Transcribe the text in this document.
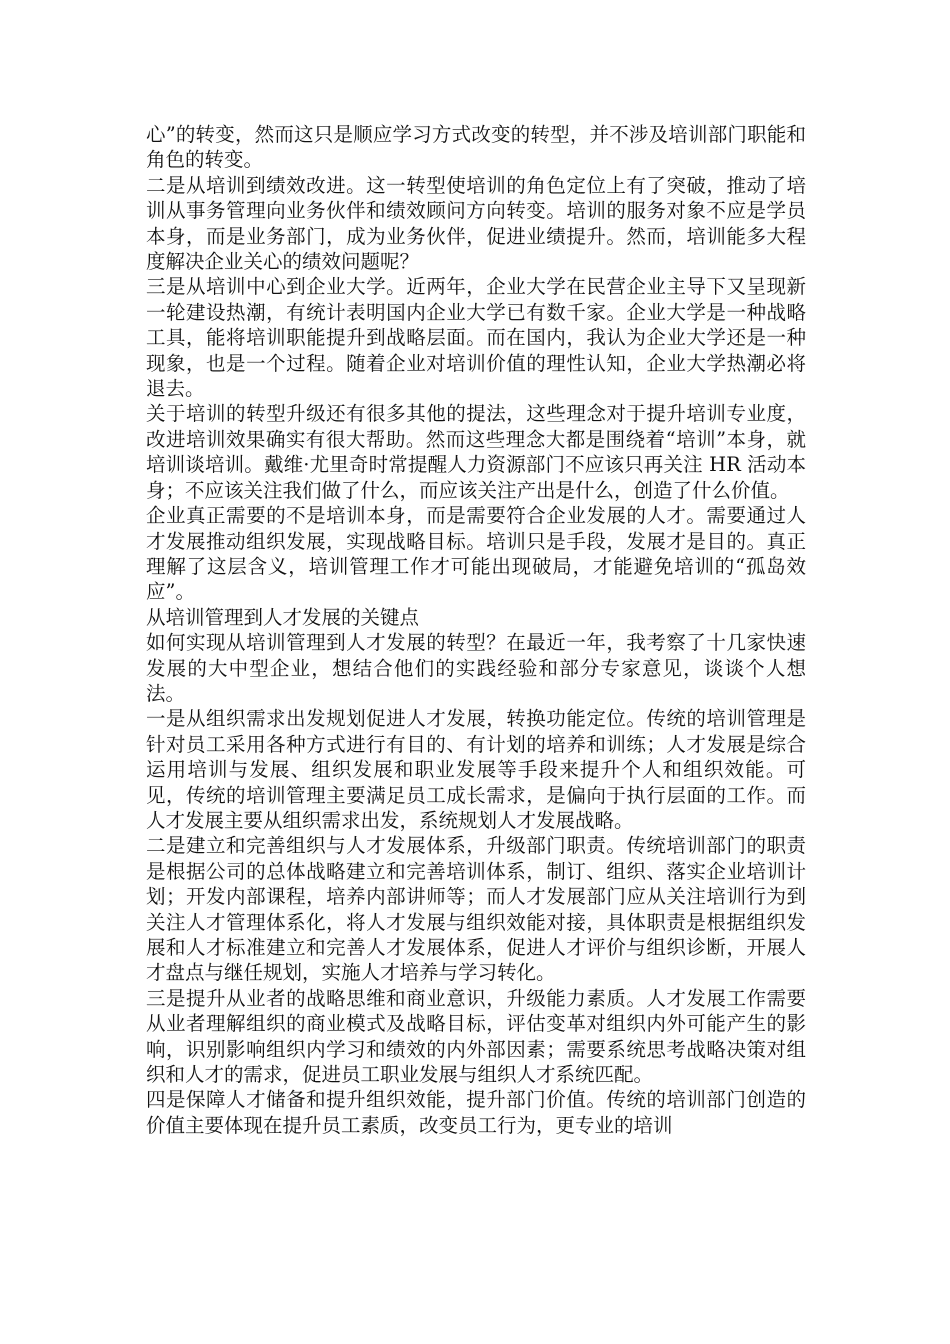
心”的转变，然而这只是顺应学习方式改变的转型，并不涉及培训部门职能和角色的转变。

二是从培训到绩效改进。这一转型使培训的角色定位上有了突破，推动了培训从事务管理向业务伙伴和绩效顾问方向转变。培训的服务对象不应是学员本身，而是业务部门，成为业务伙伴，促进业绩提升。然而，培训能多大程度解决企业关心的绩效问题呢？

三是从培训中心到企业大学。近两年，企业大学在民营企业主导下又呈现新一轮建设热潮，有统计表明国内企业大学已有数千家。企业大学是一种战略工具，能将培训职能提升到战略层面。而在国内，我认为企业大学还是一种现象，也是一个过程。随着企业对培训价值的理性认知，企业大学热潮必将退去。

关于培训的转型升级还有很多其他的提法，这些理念对于提升培训专业度，改进培训效果确实有很大帮助。然而这些理念大都是围绕着“培训”本身，就培训谈培训。戴维·尤里奇时常提醒人力资源部门不应该只再关注 HR 活动本身；不应该关注我们做了什么，而应该关注产出是什么，创造了什么价值。

企业真正需要的不是培训本身，而是需要符合企业发展的人才。需要通过人才发展推动组织发展，实现战略目标。培训只是手段，发展才是目的。真正理解了这层含义，培训管理工作才可能出现破局，才能避免培训的“孤岛效应”。

从培训管理到人才发展的关键点

如何实现从培训管理到人才发展的转型？在最近一年，我考察了十几家快速发展的大中型企业，想结合他们的实践经验和部分专家意见，谈谈个人想法。

一是从组织需求出发规划促进人才发展，转换功能定位。传统的培训管理是针对员工采用各种方式进行有目的、有计划的培养和训练；人才发展是综合运用培训与发展、组织发展和职业发展等手段来提升个人和组织效能。可见，传统的培训管理主要满足员工成长需求，是偏向于执行层面的工作。而人才发展主要从组织需求出发，系统规划人才发展战略。

二是建立和完善组织与人才发展体系，升级部门职责。传统培训部门的职责是根据公司的总体战略建立和完善培训体系，制订、组织、落实企业培训计划；开发内部课程，培养内部讲师等；而人才发展部门应从关注培训行为到关注人才管理体系化，将人才发展与组织效能对接，具体职责是根据组织发展和人才标准建立和完善人才发展体系，促进人才评价与组织诊断，开展人才盘点与继任规划，实施人才培养与学习转化。

三是提升从业者的战略思维和商业意识，升级能力素质。人才发展工作需要从业者理解组织的商业模式及战略目标，评估变革对组织内外可能产生的影响，识别影响组织内学习和绩效的内外部因素；需要系统思考战略决策对组织和人才的需求，促进员工职业发展与组织人才系统匹配。

四是保障人才储备和提升组织效能，提升部门价值。传统的培训部门创造的价值主要体现在提升员工素质，改变员工行为，更专业的培训
